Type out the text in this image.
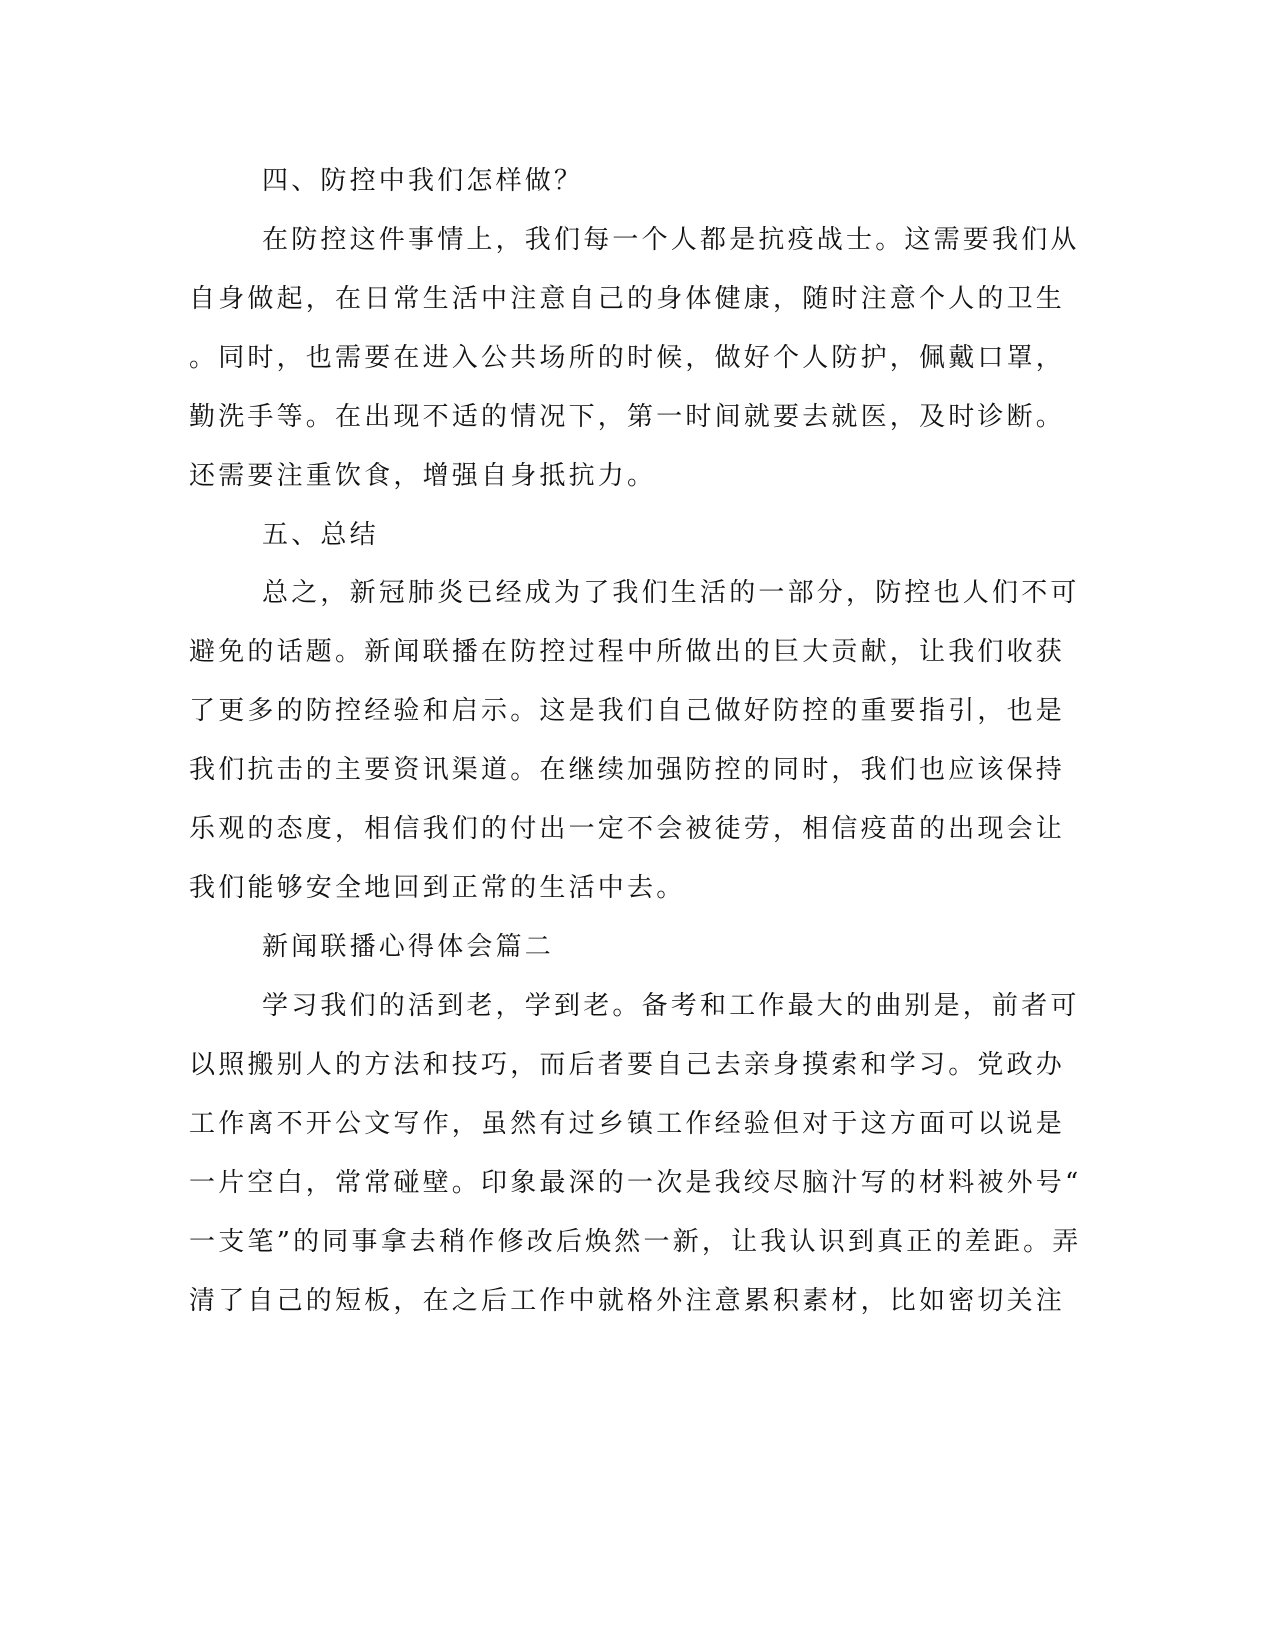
四、防控中我们怎样做？

在防控这件事情上，我们每一个人都是抗疫战士。这需要我们从

自身做起，在日常生活中注意自己的身体健康，随时注意个人的卫生

。同时，也需要在进入公共场所的时候，做好个人防护，佩戴口罩，

勤洗手等。在出现不适的情况下，第一时间就要去就医，及时诊断。

还需要注重饮食，增强自身抵抗力。

五、总结

总之，新冠肺炎已经成为了我们生活的一部分，防控也人们不可

避免的话题。新闻联播在防控过程中所做出的巨大贡献，让我们收获

了更多的防控经验和启示。这是我们自己做好防控的重要指引，也是

我们抗击的主要资讯渠道。在继续加强防控的同时，我们也应该保持

乐观的态度，相信我们的付出一定不会被徒劳，相信疫苗的出现会让

我们能够安全地回到正常的生活中去。

新闻联播心得体会篇二

学习我们的活到老，学到老。备考和工作最大的曲别是，前者可

以照搬别人的方法和技巧，而后者要自己去亲身摸索和学习。党政办

工作离不开公文写作，虽然有过乡镇工作经验但对于这方面可以说是

一片空白，常常碰壁。印象最深的一次是我绞尽脑汁写的材料被外号“

一支笔”的同事拿去稍作修改后焕然一新，让我认识到真正的差距。弄

清了自己的短板，在之后工作中就格外注意累积素材，比如密切关注
